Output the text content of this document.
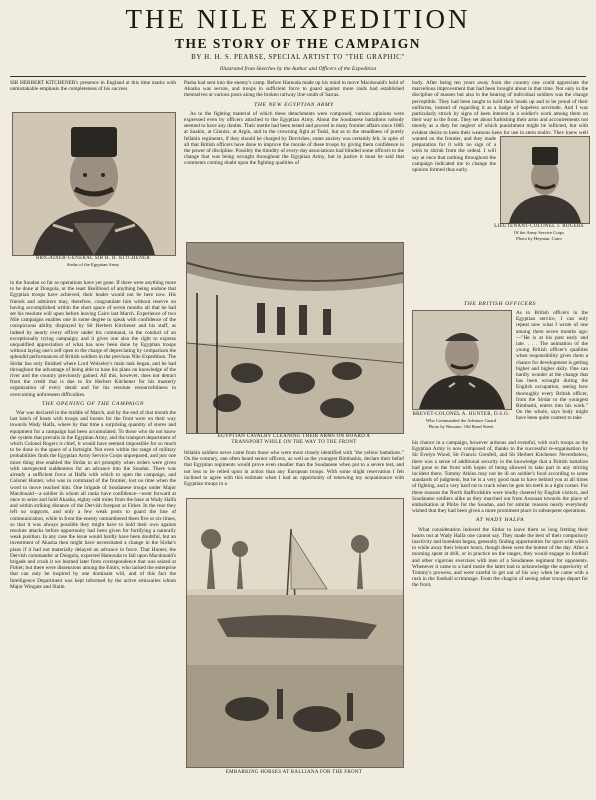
THE NILE EXPEDITION
THE STORY OF THE CAMPAIGN
BY H. H. S. PEARSE, SPECIAL ARTIST TO "THE GRAPHIC"
Illustrated from Sketches by the Author and Officers of the Expedition

SIR HERBERT KITCHENER's presence in England at this time marks with unmistakable emphasis the completeness of his success

BRIGADIER-GENERAL SIR H. H. KITCHENER
Sirdar of the Egyptian Army

in the Soudan so far as operations have yet gone. If there were anything more to be done at Dongola, or the least likelihood of anything being undone that Egyptian troops have achieved, their leader would not be here now. His friends and admirers may, therefore, congratulate him without reserve on having accomplished within the short space of seven months all that he had set his resolute will upon before leaving Cairo last March. Experience of two Nile campaigns enables one in some degree to speak with confidence of the conspicuous ability displayed by Sir Herbert Kitchener and his staff, as indeed by nearly every officer under his command, in the conduct of an exceptionally trying campaign; and it gives one also the right to express unqualified appreciation of what has now been done by Egyptian troops without laying one's self open to the charge of depreciating by comparison the splendid performances of British soldiers in the previous Nile Expedition. The Sirdar has only finished where Lord Wolseley's main task began, and he had throughout the advantage of being able to base his plans on knowledge of the river and the country previously gained. All this, however, does not detract from the credit that is due to Sir Herbert Kitchener for his masterly organisation of every detail and for his resolute resourcefulness in overcoming unforeseen difficulties.

THE OPENING OF THE CAMPAIGN

War was declared in the middle of March, and by the end of that month the last batch of boats with troops and horses for the front were on their way towards Wady Halfa, where by that time a surprising quantity of stores and equipment for a campaign had been accumulated. To those who do not know the system that prevails in the Egyptian Army, and the transport department of which Colonel Rogers is chief, it would have seemed impossible for so much to be done in the space of a fortnight. Not even within the range of military probabilities finds the Egyptian Army Service Corps unprepared, and just one more thing else enabled the Sirdar to act promptly when orders were given with unexpected suddenness for an advance into the Soudan. There was already a sufficient force at Halfa with which to open the campaign, and Colonel Hunter, who was in command of the frontier, lost no time when the word to move reached him. One brigade of Soudanese troops under Major Macdonald—a soldier in whom all ranks have confidence—went forward at once to seize and hold Akasha, eighty odd miles from the base at Wady Halfa and within striking distance of the Dervish forepost at Firket. In the rear they left no supports, and only a few weak posts to guard the line of communication, while in front the enemy outnumbered them five or six times, so that it was always possible they might have to hold their own against resolute attacks before opportunity had been given for fortifying a naturally weak position. In any case the issue would hardly have been doubtful, but an investment of Akasha then might have necessitated a change in the Sirdar's plans if it had not materially delayed an advance in force. That Hunter, the Dervish commander at Dongola, expected Hamouda to fall upon Macdonald's brigade and crush it we learned later from correspondence that was seized at Firket; but there were dissensions among the Emirs, who lacked the enterprise that can only be inspired by one dominant will, and of this fact the Intelligence Department was kept informed by the active emissaries whom Major Wingate and Slatin

Pasha had sent into the enemy's camp. Before Hamuda made up his mind to move Macdonald's hold of Akasha was secure, and troops in sufficient force to guard against more raids had established themselves at various posts along the broken railway line south of Sarras.

THE NEW EGYPTIAN ARMY

As to the fighting material of which these detachments were composed, various opinions were expressed even by officers attached to the Egyptian Army. About the Soudanese battalions nobody seemed to have any doubts. Their mettle had been tested and proved in many frontier affairs since 1885 at Suakin, at Ginniss, at Argin, and in the crowning fight at Toski, but as to the steadiness of purely fellahin regiments, if they should be charged by Dervishes, some anxiety was certainly felt, in spite of all that British officers have done to improve the morale of these troops by giving them confidence in the power of discipline. Possibly the timidity of every-day associations had blinded some officers to the change that was being wrought throughout the Egyptian Army, but in justice it must be said that comments coming doubt upon the fighting qualities of

EGYPTIAN CAVALRY CLEANING THEIR ARMS ON BOARD A
TRANSPORT WHILE ON THE WAY TO THE FRONT

fellahin soldiers never came from those who were most closely identified with "the yellow battalions." On the contrary, one often heard senior officers, as well as the youngest Bimbashis, declare their belief that Egyptian regiments would prove even steadier than the Soudanese when put to a severe test, and not less to be relied upon in action than any European troops. With some slight reservation I felt inclined to agree with this estimate when I had an opportunity of renewing my acquaintance with Egyptian troops in a

EMBARKING HORSES AT BALLIANA FOR THE FRONT

body. After being ten years away from the country one could appreciate the marvellous improvement that had been brought about in that time. Not only in the discipline of masses but also in the bearing of individual soldiers was the change perceptible. They had been taught to hold their heads up and to be proud of their uniforms, instead of regarding it as a badge of hopeless servitude. And I was particularly struck by signs of keen interest in a soldier's work among them on their way to the front. They set about furbishing their arms and accoutrements not merely as a duty for neglect of which punishment might be inflicted, but with evident desire to keep their weapons keen for use in stern reality. They knew well

LIEUTENANT-COLONEL J. ROGERS
Of the Army Service Corps
Photo by Heyman, Cairo

wanted on the frontier, and they made preparation for it with no sign of a wish to shrink from the ordeal. I will say at once that nothing throughout the campaign indicated me to change the opinion formed thus early.

THE BRITISH OFFICERS
BREVET-COLONEL A. HUNTER, D.S.O.
Who Commanded the Advance Guard
Photo by Bassano, Old Bond Street

As to British officers in the Egyptian service, I can only repeat now what I wrote of one among them seven months ago:—"He is at his post early and late. . . . The animation of the young British officer's qualities when responsibility gives them a chance for development is getting higher and higher daily. One can hardly wonder at the change that has been wrought during the English occupation, seeing how thoroughly every British officer, from the Sirdar to the youngest Bimbashi, enters into his work." On the whole, says body might have been quite content to take

his chance in a campaign, however arduous and eventful, with such troops as the Egyptian Army is now composed of, thanks to the successful re-organisation by Sir Evelyn Wood, Sir Francis Grenfell, and Sir Herbert Kitchener. Nevertheless, there was a sense of additional security in the knowledge that a British battalion had gone to the front with hopes of being allowed to take part in any stirring incident there. Tommy Atkins may not be ill on soldier's food according to some standards of judgment, but he is a very good man to have behind you at all times of fighting, and a very hard rat to crack when he gets his teeth in a tight corner. For these reasons the North Staffordshire were loudly cheered by English visitors, and Soudanese soldiers alike as they marched out from Assouan towards the place of embarkation at Philæ for the Soudan, and for similar reasons nearly everybody wished that they had been given a more prominent place in subsequent operations.

AT WADY HALFA

What consideration induced the Sirdar to leave them so long fretting their hearts out at Wady Halfa one cannot say. They made the best of their compulsory inactivity and boredom began, generally finding opportunities for sport with which to while away their leisure hours, though these were the hottest of the day. After a morning spent at drill, or in practice on the ranges, they would engage in football and other vigorous exercises with men of a Soudanese regiment for opponents. Whenever it came to a hard tussle the latter had to acknowledge the superiority of Tommy's prowess, and were careful to get out of his way when he came with a rush in the football scrimmage. From the chagrin of seeing other troops depart for the front,
